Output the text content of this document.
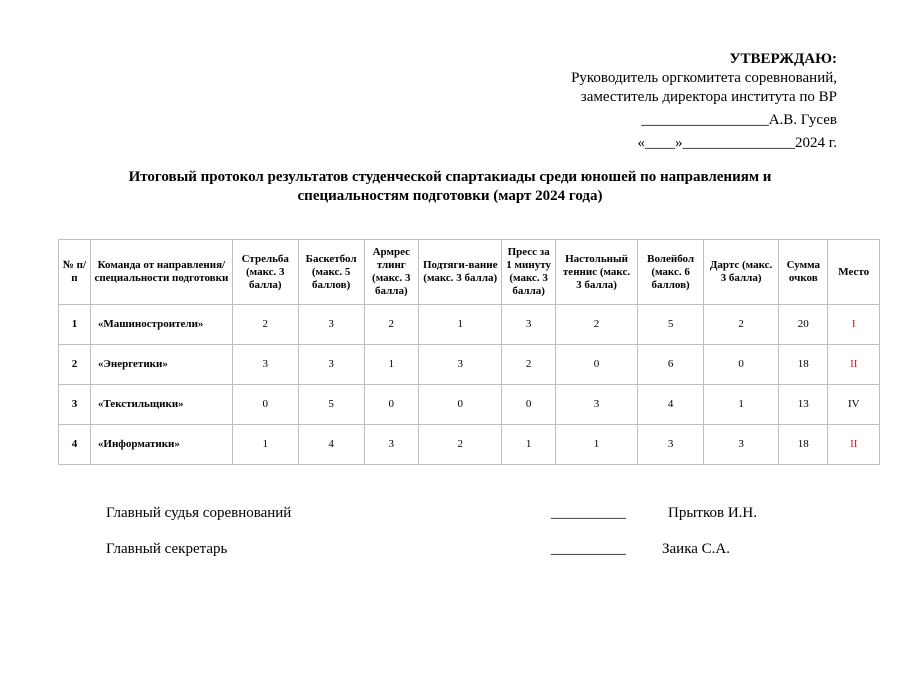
УТВЕРЖДАЮ:
Руководитель оргкомитета соревнований,
заместитель директора института по ВР
_________________А.В. Гусев
«____»_______________2024 г.
Итоговый протокол результатов студенческой спартакиады среди юношей по направлениям и
специальностям подготовки (март 2024 года)
№ п/п	Команда от направления/ специальности подготовки	Стрельба (макс. 3 балла)	Баскетбол (макс. 5 баллов)	Армрес тлинг (макс. 3 балла)	Подтяги-вание (макс. 3 балла)	Пресс за 1 минуту (макс. 3 балла)	Настольный теннис (макс. 3 балла)	Волейбол (макс. 6 баллов)	Дартс (макс. 3 балла)	Сумма очков	Место
1	«Машиностроители»	2	3	2	1	3	2	5	2	20	I
2	«Энергетики»	3	3	1	3	2	0	6	0	18	II
3	«Текстильщики»	0	5	0	0	0	3	4	1	13	IV
4	«Информатики»	1	4	3	2	1	1	3	3	18	II
Главный судья соревнований	__________	Прытков И.Н.
Главный секретарь	__________ Заика С.А.
